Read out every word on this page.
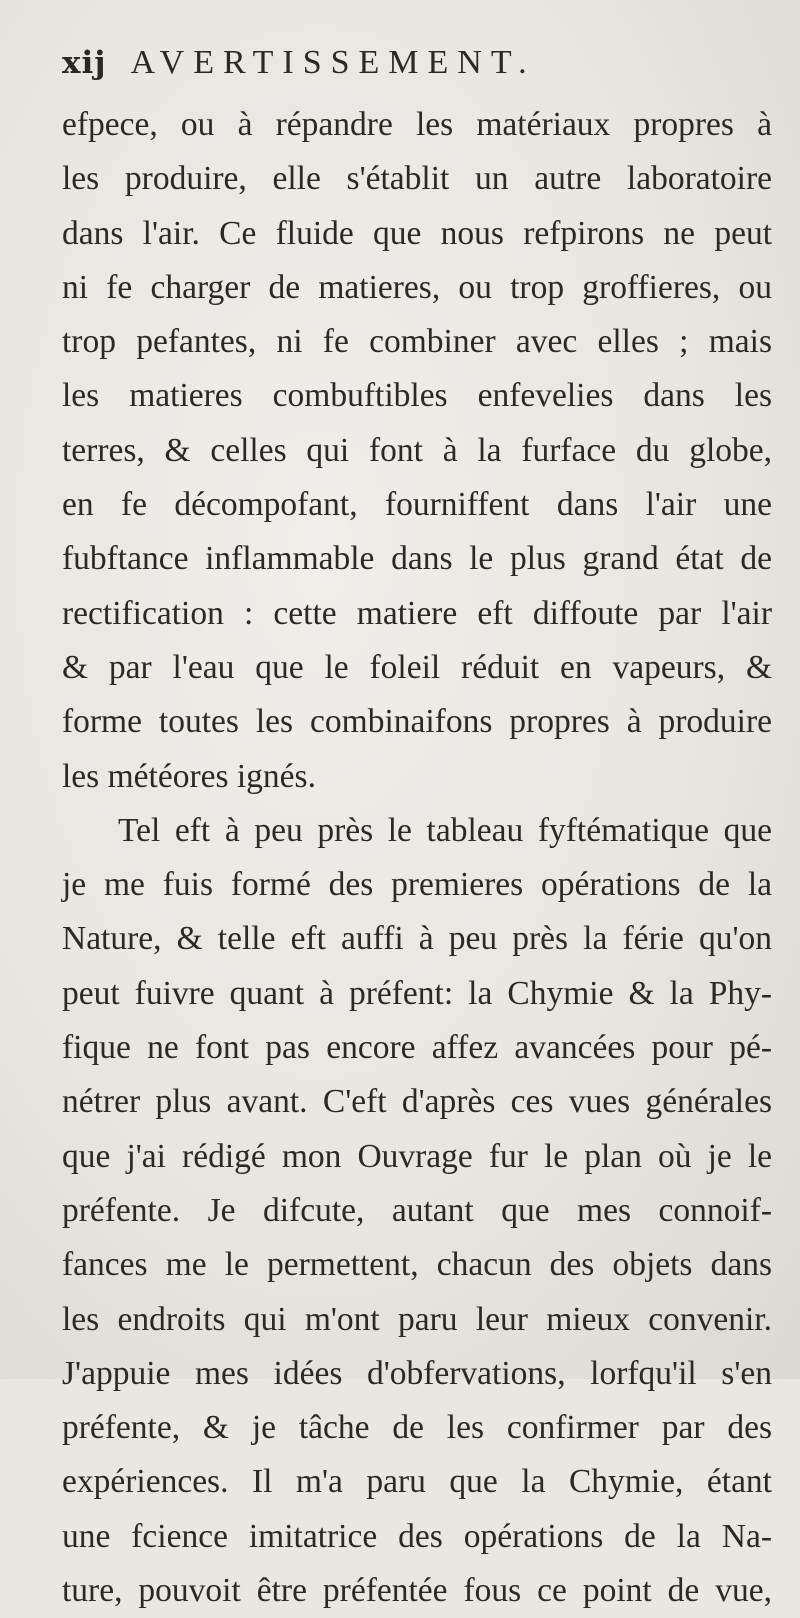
xij AVERTISSEMENT.
efpece, ou à répandre les matériaux propres à
les produire, elle s'établit un autre laboratoire
dans l'air. Ce fluide que nous refpirons ne peut
ni fe charger de matieres, ou trop groffieres, ou
trop pefantes, ni fe combiner avec elles ; mais
les matieres combuftibles enfevelies dans les
terres, & celles qui font à la furface du globe,
en fe décompofant, fourniffent dans l'air une
fubftance inflammable dans le plus grand état de
rectification : cette matiere eft diffoute par l'air
& par l'eau que le foleil réduit en vapeurs, &
forme toutes les combinaifons propres à produire
les météores ignés.
Tel eft à peu près le tableau fyftématique que
je me fuis formé des premieres opérations de la
Nature, & telle eft auffi à peu près la férie qu'on
peut fuivre quant à préfent: la Chymie & la Phy-
fique ne font pas encore affez avancées pour pé-
nétrer plus avant. C'eft d'après ces vues générales
que j'ai rédigé mon Ouvrage fur le plan où je le
préfente. Je difcute, autant que mes connoif-
fances me le permettent, chacun des objets dans
les endroits qui m'ont paru leur mieux convenir.
J'appuie mes idées d'obfervations, lorfqu'il s'en
préfente, & je tâche de les confirmer par des
expériences. Il m'a paru que la Chymie, étant
une fcience imitatrice des opérations de la Na-
ture, pouvoit être préfentée fous ce point de vue,
